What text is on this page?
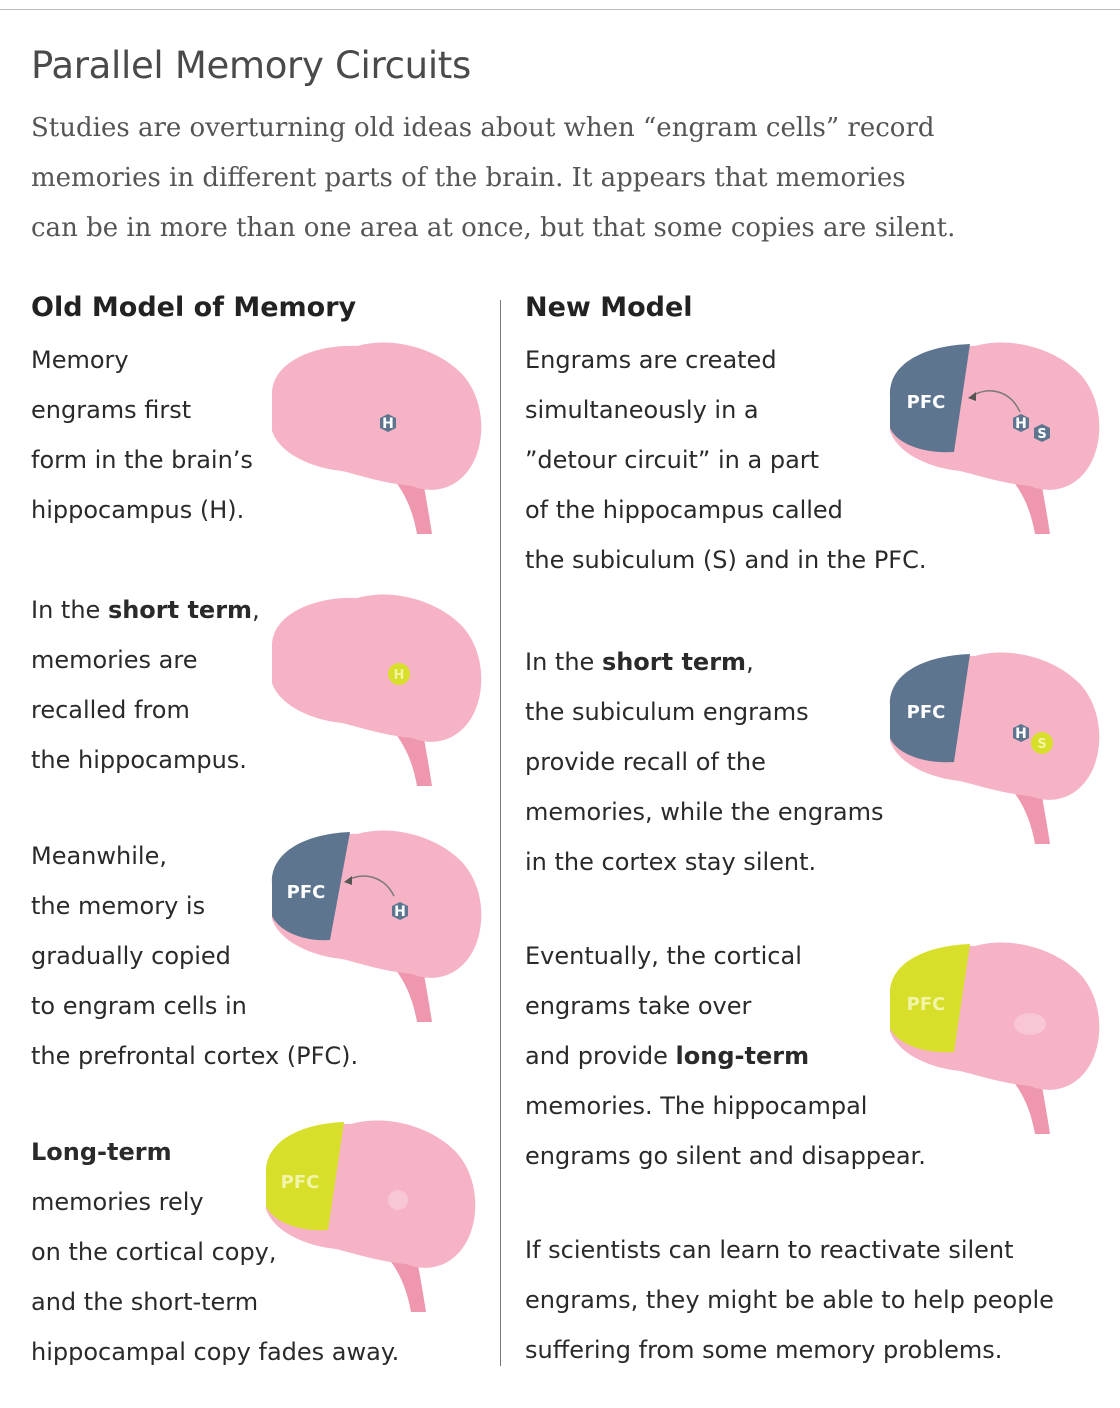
Parallel Memory Circuits
Studies are overturning old ideas about when “engram cells” record
memories in different parts of the brain. It appears that memories
can be in more than one area at once, but that some copies are silent.
Old Model of Memory
Memory
engrams first
form in the brain’s
hippocampus (H).
In the short term,
memories are
recalled from
the hippocampus.
Meanwhile,
the memory is
gradually copied
to engram cells in
the prefrontal cortex (PFC).
Long-term
memories rely
on the cortical copy,
and the short-term
hippocampal copy fades away.
H
H
PFC
H
PFC
New Model
Engrams are created
simultaneously in a
”detour circuit” in a part
of the hippocampus called
the subiculum (S) and in the PFC.
In the short term,
the subiculum engrams
provide recall of the
memories, while the engrams
in the cortex stay silent.
Eventually, the cortical
engrams take over
and provide long-term
memories. The hippocampal
engrams go silent and disappear.
If scientists can learn to reactivate silent
engrams, they might be able to help people
suffering from some memory problems.
PFC
H
S
PFC
H
S
PFC
